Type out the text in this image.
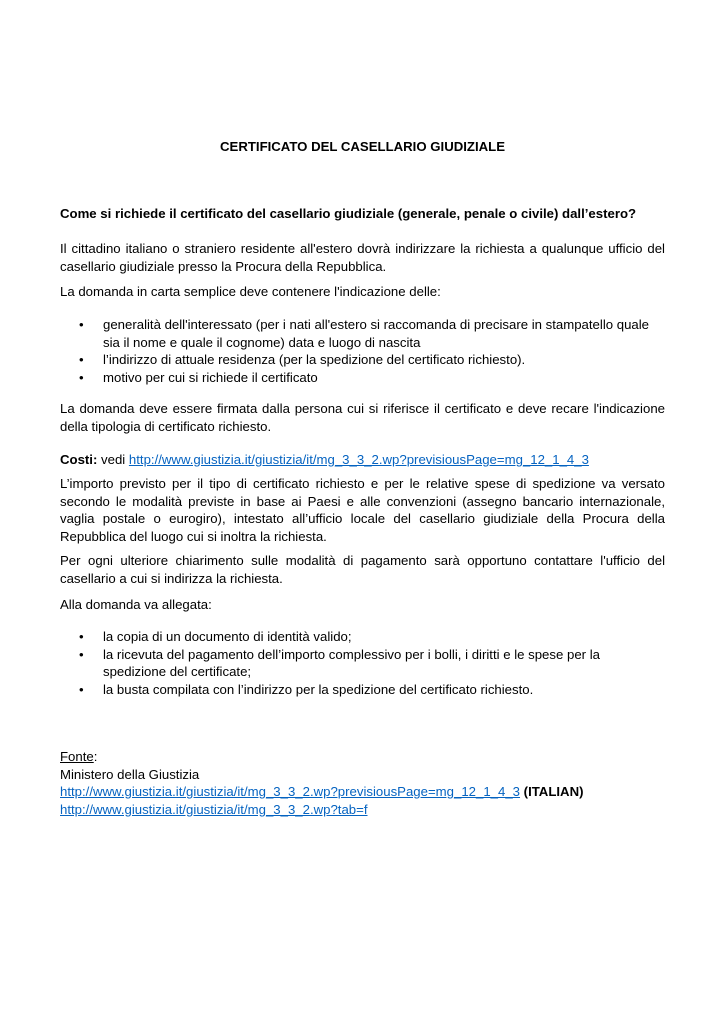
CERTIFICATO DEL CASELLARIO GIUDIZIALE

Come si richiede il certificato del casellario giudiziale (generale, penale o civile) dall’estero?

Il cittadino italiano o straniero residente all'estero dovrà indirizzare la richiesta a qualunque ufficio del casellario giudiziale presso la Procura della Repubblica.

La domanda in carta semplice deve contenere l'indicazione delle:

• generalità dell'interessato (per i nati all'estero si raccomanda di precisare in stampatello quale sia il nome e quale il cognome) data e luogo di nascita
• l’indirizzo di attuale residenza (per la spedizione del certificato richiesto).
• motivo per cui si richiede il certificato

La domanda deve essere firmata dalla persona cui si riferisce il certificato e deve recare l'indicazione della tipologia di certificato richiesto.

Costi: vedi http://www.giustizia.it/giustizia/it/mg_3_3_2.wp?previsiousPage=mg_12_1_4_3

L’importo previsto per il tipo di certificato richiesto e per le relative spese di spedizione va versato secondo le modalità previste in base ai Paesi e alle convenzioni (assegno bancario internazionale, vaglia postale o eurogiro), intestato all’ufficio locale del casellario giudiziale della Procura della Repubblica del luogo cui si inoltra la richiesta.

Per ogni ulteriore chiarimento sulle modalità di pagamento sarà opportuno contattare l'ufficio del casellario a cui si indirizza la richiesta.

Alla domanda va allegata:

• la copia di un documento di identità valido;
• la ricevuta del pagamento dell’importo complessivo per i bolli, i diritti e le spese per la spedizione del certificate;
• la busta compilata con l’indirizzo per la spedizione del certificato richiesto.

Fonte:

Ministero della Giustizia

http://www.giustizia.it/giustizia/it/mg_3_3_2.wp?previsiousPage=mg_12_1_4_3 (ITALIAN)

http://www.giustizia.it/giustizia/it/mg_3_3_2.wp?tab=f
